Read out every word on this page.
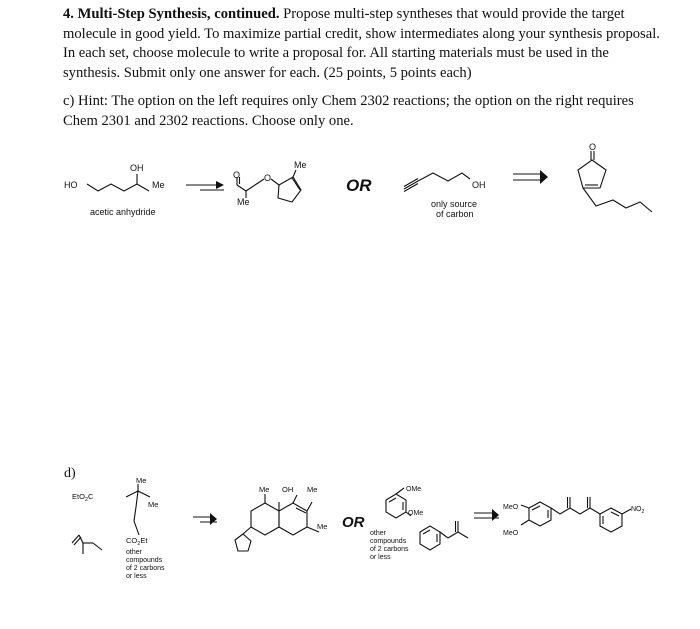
4. Multi-Step Synthesis, continued. Propose multi-step syntheses that would provide the target molecule in good yield. To maximize partial credit, show intermediates along your synthesis proposal. In each set, choose molecule to write a proposal for. All starting materials must be used in the synthesis. Submit only one answer for each. (25 points, 5 points each)
c) Hint: The option on the left requires only Chem 2302 reactions; the option on the right requires Chem 2301 and 2302 reactions. Choose only one.
HO
OH
Me
acetic anhydride
O	O
Me
Me
OR	OH
only source
of carbon
O
d)	Me
EtO$_2$C
Me
$CO_2Et$
other
compounds
of 2 carbons
or less
Me OH Me
Me OR
OMe
OMe
other
compounds
of 2 carbons
or less
MeO
MeO
$NO_2$
